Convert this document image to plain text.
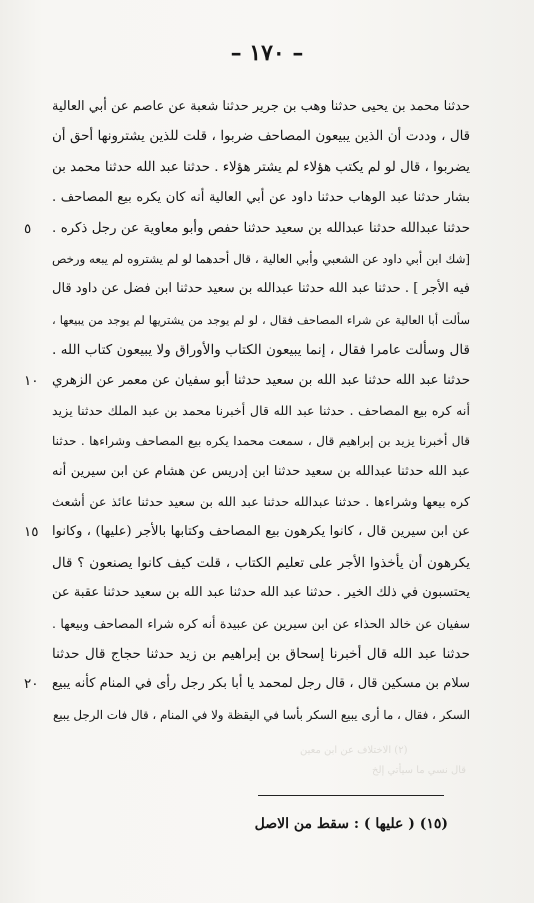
– ١٧٠ –
حدثنا محمد بن يحيى حدثنا وهب بن جرير حدثنا شعبة عن عاصم عن أبي العالية
قال ، وددت أن الذين يبيعون المصاحف ضربوا ، قلت للذين يشترونها أحق أن
يضربوا ، قال لو لم يكتب هؤلاء لم يشتر هؤلاء . حدثنا عبد الله حدثنا محمد بن
بشار حدثنا عبد الوهاب حدثنا داود عن أبي العالية أنه كان يكره بيع المصاحف .
حدثنا عبدالله حدثنا عبدالله بن سعيد حدثنا حفص وأبو معاوية عن رجل ذكره .
٥
[شك ابن أبي داود عن الشعبي وأبي العالية ، قال أحدهما لو لم يشتروه لم يبعه ورخص
فيه الأجر ] . حدثنا عبد الله حدثنا عبدالله بن سعيد حدثنا ابن فضل عن داود قال
سألت أبا العالية عن شراء المصاحف فقال ، لو لم يوجد من يشتريها لم يوجد من يبيعها ،
قال وسألت عامرا فقال ، إنما يبيعون الكتاب والأوراق ولا يبيعون كتاب الله .
حدثنا عبد الله حدثنا عبد الله بن سعيد حدثنا أبو سفيان عن معمر عن الزهري
١٠
أنه كره بيع المصاحف . حدثنا عبد الله قال أخبرنا محمد بن عبد الملك حدثنا يزيد
قال أخبرنا يزيد بن إبراهيم قال ، سمعت محمدا يكره بيع المصاحف وشراءها . حدثنا
عبد الله حدثنا عبدالله بن سعيد حدثنا ابن إدريس عن هشام عن ابن سيرين أنه
كره بيعها وشراءها . حدثنا عبدالله حدثنا عبد الله بن سعيد حدثنا عائذ عن أشعث
عن ابن سيرين قال ، كانوا يكرهون بيع المصاحف وكتابها بالأجر (عليها) ، وكانوا
١٥
يكرهون أن يأخذوا الأجر على تعليم الكتاب ، قلت كيف كانوا يصنعون ؟ قال
يحتسبون في ذلك الخير . حدثنا عبد الله حدثنا عبد الله بن سعيد حدثنا عقبة عن
سفيان عن خالد الحذاء عن ابن سيرين عن عبيدة أنه كره شراء المصاحف وبيعها .
حدثنا عبد الله قال أخبرنا إسحاق بن إبراهيم بن زيد حدثنا حجاج قال حدثنا
سلام بن مسكين قال ، قال رجل لمحمد يا أبا بكر رجل رأى في المنام كأنه يبيع
٢٠
السكر ، فقال ، ما أرى يبيع السكر بأسا في اليقظة ولا في المنام ، قال فات الرجل يبيع
(١٥) ( عليها ) : سقط من الاصل
(٢) الاختلاف عن ابن معين
قال نسي ما سيأتي إلخ
